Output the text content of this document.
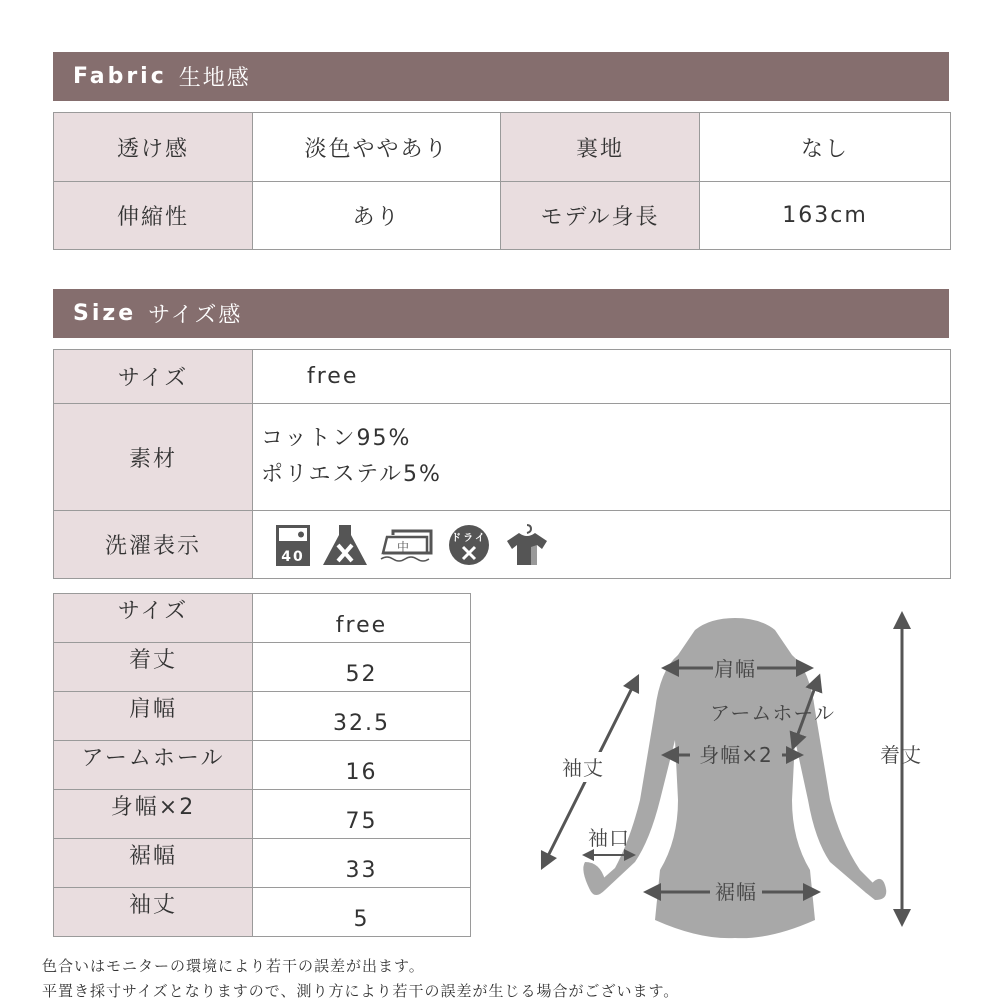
Fabric 生地感
透け感	淡色ややあり	裏地	なし
伸縮性	あり	モデル身長	163cm
Size サイズ感
サイズ	free
素材	コットン95%
ポリエステル5%

洗濯表示	40
中
ドライ
サイズ	free
着丈	52
肩幅	32.5
アームホール	16
身幅×2	75
裾幅	33
袖丈	5
肩幅
アームホール
身幅×2	着丈
袖丈
袖口
裾幅
色合いはモニターの環境により若干の誤差が出ます。
平置き採寸サイズとなりますので、測り方により若干の誤差が生じる場合がございます。
